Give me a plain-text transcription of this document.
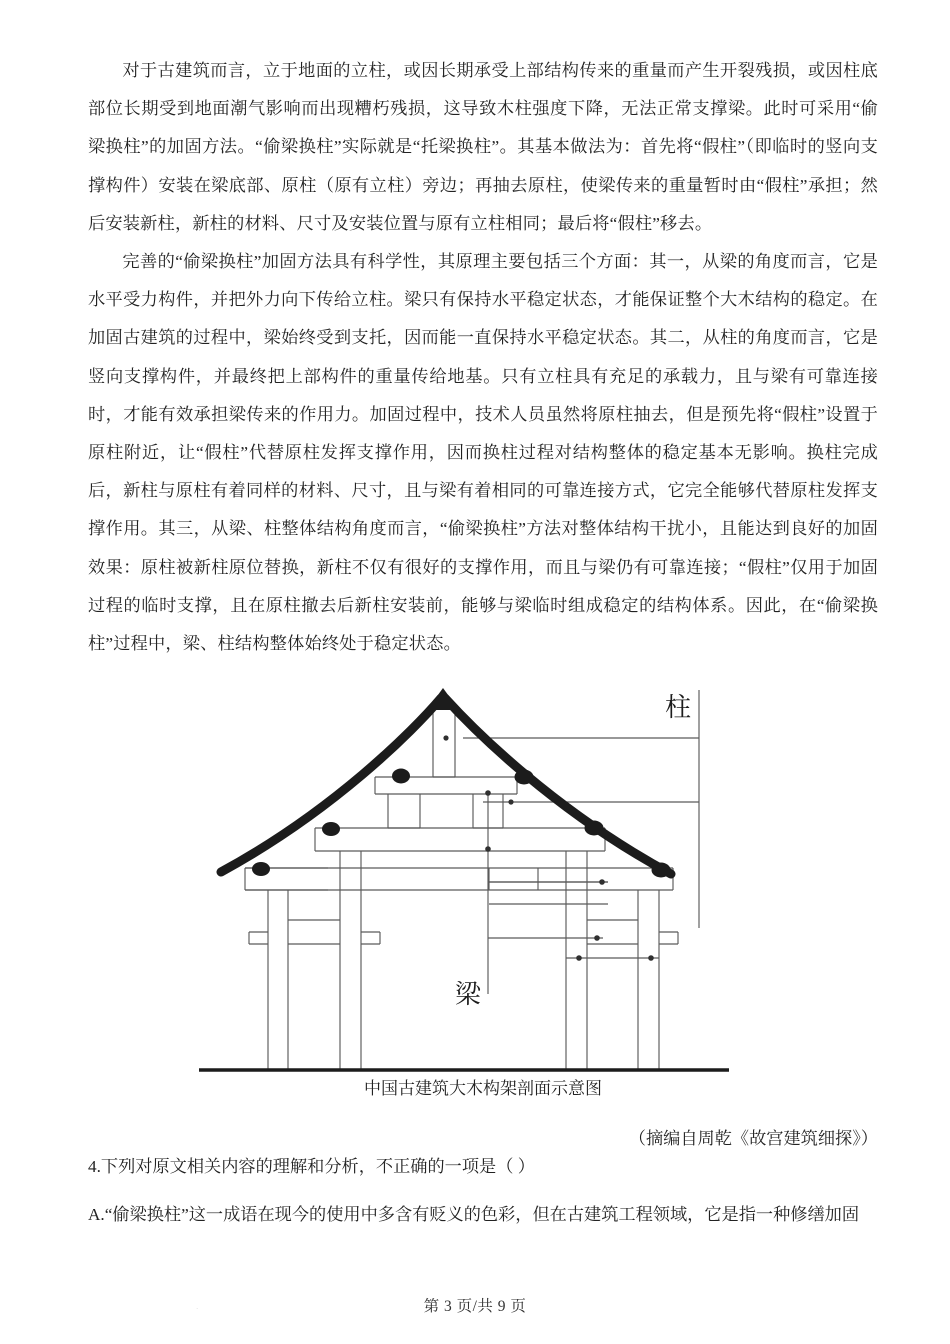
对于古建筑而言，立于地面的立柱，或因长期承受上部结构传来的重量而产生开裂残损，或因柱底部位长期受到地面潮气影响而出现糟朽残损，这导致木柱强度下降，无法正常支撑梁。此时可采用“偷梁换柱”的加固方法。“偷梁换柱”实际就是“托梁换柱”。其基本做法为：首先将“假柱”（即临时的竖向支撑构件）安装在梁底部、原柱（原有立柱）旁边；再抽去原柱，使梁传来的重量暂时由“假柱”承担；然后安装新柱，新柱的材料、尺寸及安装位置与原有立柱相同；最后将“假柱”移去。

完善的“偷梁换柱”加固方法具有科学性，其原理主要包括三个方面：其一，从梁的角度而言，它是水平受力构件，并把外力向下传给立柱。梁只有保持水平稳定状态，才能保证整个大木结构的稳定。在加固古建筑的过程中，梁始终受到支托，因而能一直保持水平稳定状态。其二，从柱的角度而言，它是竖向支撑构件，并最终把上部构件的重量传给地基。只有立柱具有充足的承载力，且与梁有可靠连接时，才能有效承担梁传来的作用力。加固过程中，技术人员虽然将原柱抽去，但是预先将“假柱”设置于原柱附近，让“假柱”代替原柱发挥支撑作用，因而换柱过程对结构整体的稳定基本无影响。换柱完成后，新柱与原柱有着同样的材料、尺寸，且与梁有着相同的可靠连接方式，它完全能够代替原柱发挥支撑作用。其三，从梁、柱整体结构角度而言，“偷梁换柱”方法对整体结构干扰小，且能达到良好的加固效果：原柱被新柱原位替换，新柱不仅有很好的支撑作用，而且与梁仍有可靠连接；“假柱”仅用于加固过程的临时支撑，且在原柱撤去后新柱安装前，能够与梁临时组成稳定的结构体系。因此，在“偷梁换柱”过程中，梁、柱结构整体始终处于稳定状态。

柱
梁
中国古建筑大木构架剖面示意图
（摘编自周乾《故宫建筑细探》）
4.下列对原文相关内容的理解和分析，不正确的一项是（ ）
A.“偷梁换柱”这一成语在现今的使用中多含有贬义的色彩，但在古建筑工程领域，它是指一种修缮加固
第 3 页/共 9 页
·
